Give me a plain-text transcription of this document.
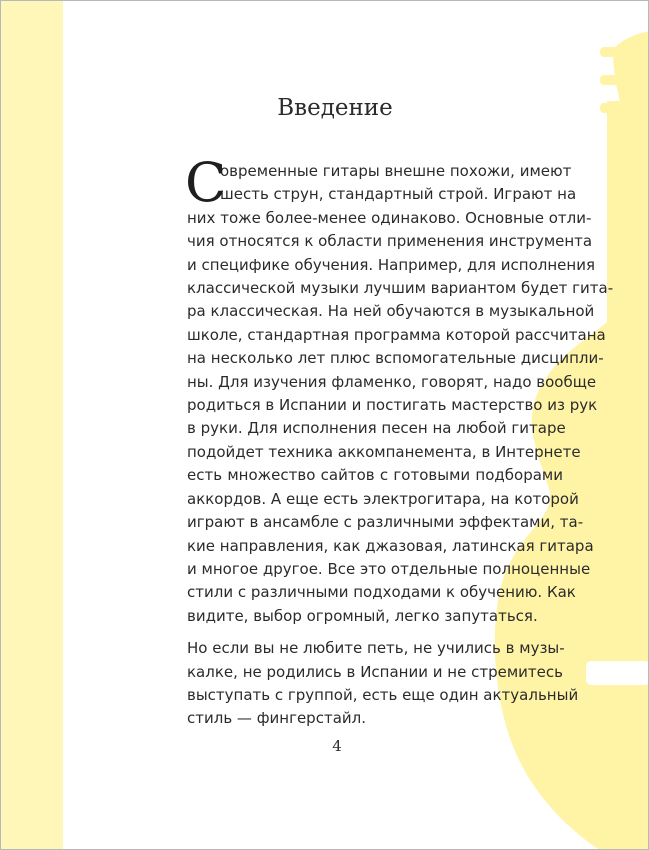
Введение
С

овременные гитары внешне похожи, имеют
шесть струн, стандартный строй. Играют на
них тоже более-менее одинаково. Основные отли-
чия относятся к области применения инструмента
и специфике обучения. Например, для исполнения
классической музыки лучшим вариантом будет гита-
ра классическая. На ней обучаются в музыкальной
школе, стандартная программа которой рассчитана
на несколько лет плюс вспомогательные дисципли-
ны. Для изучения фламенко, говорят, надо вообще
родиться в Испании и постигать мастерство из рук
в руки. Для исполнения песен на любой гитаре
подойдет техника аккомпанемента, в Интернете
есть множество сайтов с готовыми подборами
аккордов. А еще есть электрогитара, на которой
играют в ансамбле с различными эффектами, та-
кие направления, как джазовая, латинская гитара
и многое другое. Все это отдельные полноценные
стили с различными подходами к обучению. Как
видите, выбор огромный, легко запутаться.

Но если вы не любите петь, не учились в музы-
калке, не родились в Испании и не стремитесь
выступать с группой, есть еще один актуальный
стиль — фингерстайл.

4
